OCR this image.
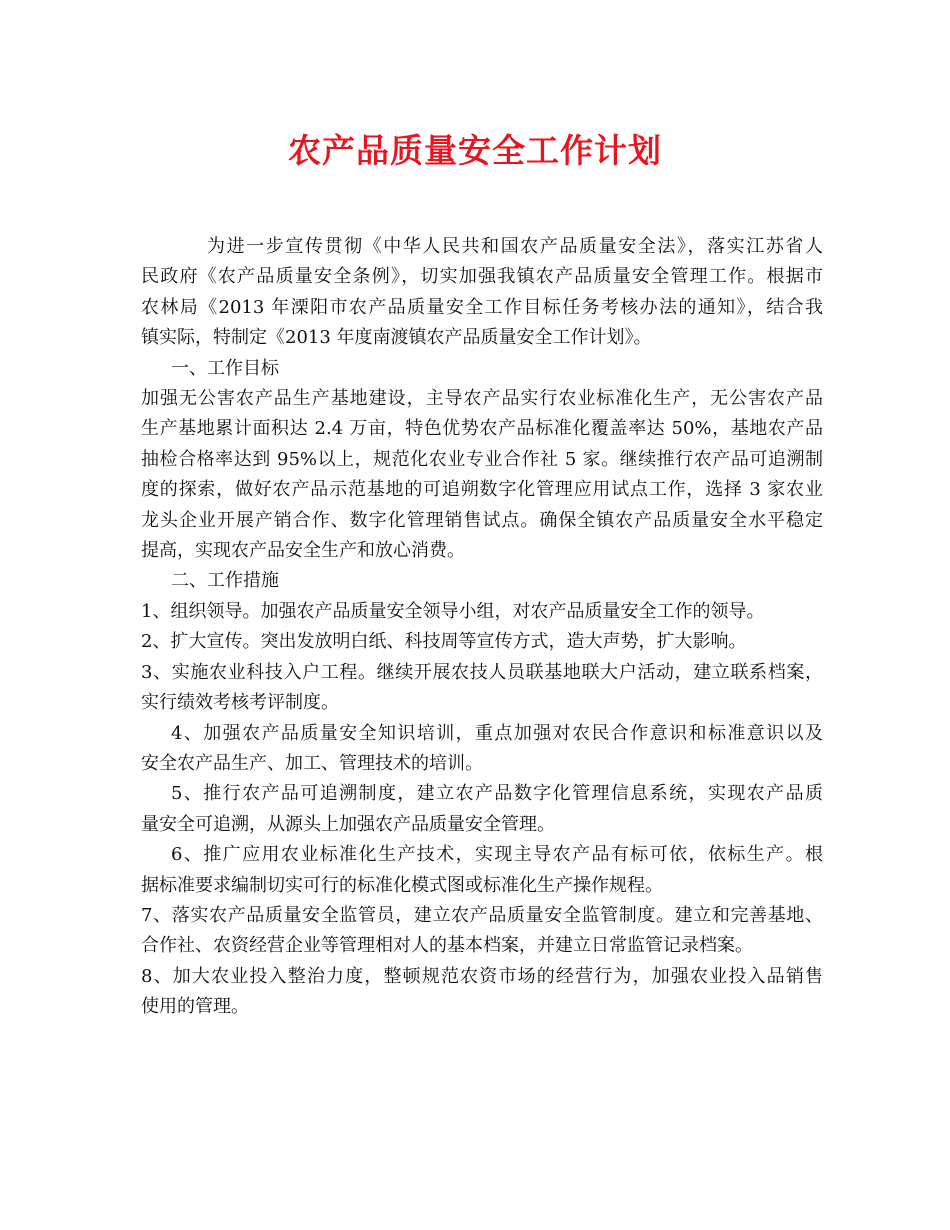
农产品质量安全工作计划
为进一步宣传贯彻《中华人民共和国农产品质量安全法》，落实江苏省人
民政府《农产品质量安全条例》，切实加强我镇农产品质量安全管理工作。根据市
农林局《2013 年溧阳市农产品质量安全工作目标任务考核办法的通知》，结合我
镇实际，特制定《2013 年度南渡镇农产品质量安全工作计划》。
一、工作目标
加强无公害农产品生产基地建设，主导农产品实行农业标准化生产，无公害农产品
生产基地累计面积达 2.4 万亩，特色优势农产品标准化覆盖率达 50%，基地农产品
抽检合格率达到 95%以上，规范化农业专业合作社 5 家。继续推行农产品可追溯制
度的探索，做好农产品示范基地的可追朔数字化管理应用试点工作，选择 3 家农业
龙头企业开展产销合作、数字化管理销售试点。确保全镇农产品质量安全水平稳定
提高，实现农产品安全生产和放心消费。
二、工作措施
1、组织领导。加强农产品质量安全领导小组，对农产品质量安全工作的领导。
2、扩大宣传。突出发放明白纸、科技周等宣传方式，造大声势，扩大影响。
3、实施农业科技入户工程。继续开展农技人员联基地联大户活动，建立联系档案，
实行绩效考核考评制度。
4、加强农产品质量安全知识培训，重点加强对农民合作意识和标准意识以及
安全农产品生产、加工、管理技术的培训。
5、推行农产品可追溯制度，建立农产品数字化管理信息系统，实现农产品质
量安全可追溯，从源头上加强农产品质量安全管理。
6、推广应用农业标准化生产技术，实现主导农产品有标可依，依标生产。根
据标准要求编制切实可行的标准化模式图或标准化生产操作规程。
7、落实农产品质量安全监管员，建立农产品质量安全监管制度。建立和完善基地、
合作社、农资经营企业等管理相对人的基本档案，并建立日常监管记录档案。
8、加大农业投入整治力度，整顿规范农资市场的经营行为，加强农业投入品销售
使用的管理。
